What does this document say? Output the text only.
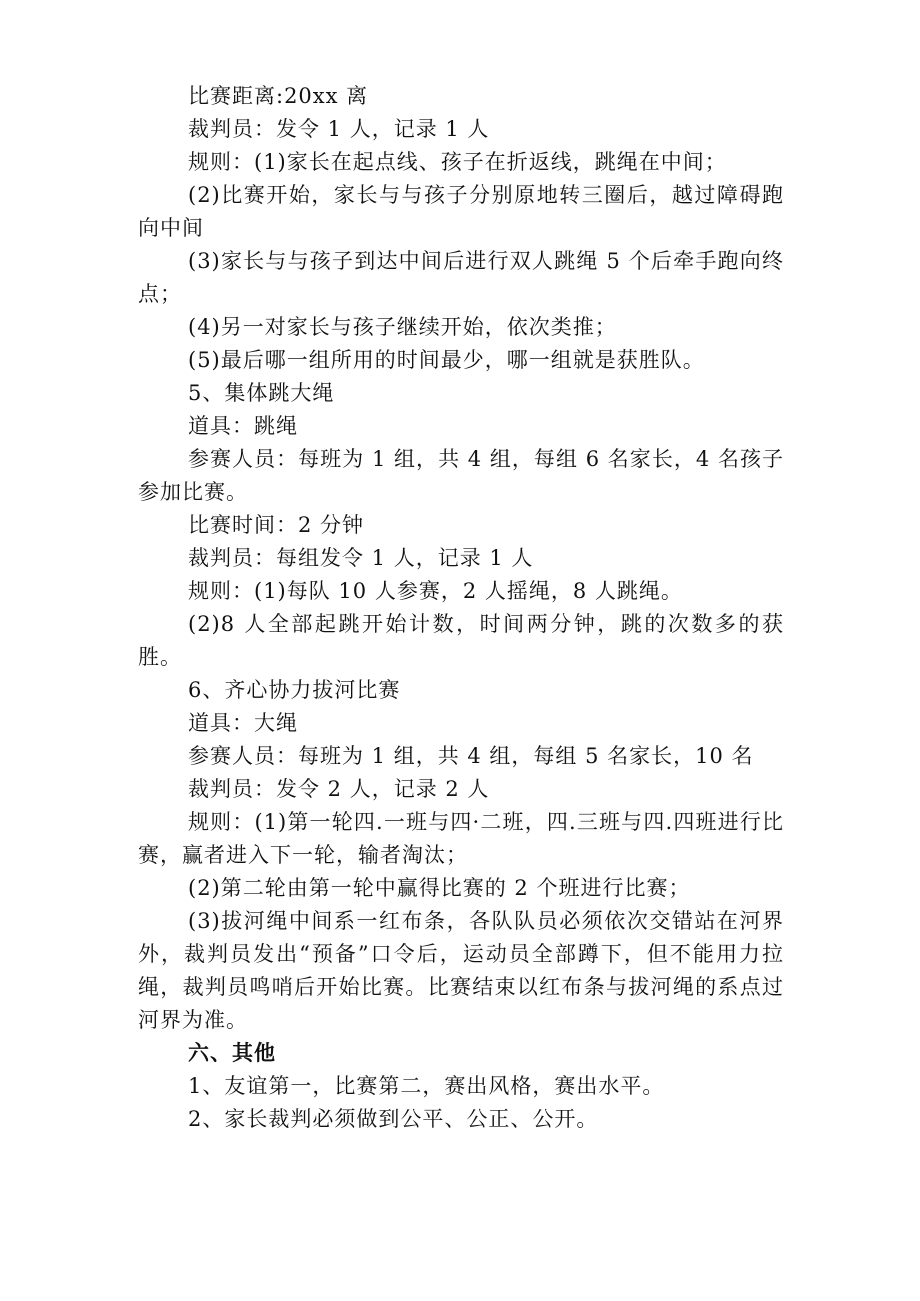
比赛距离:20xx 离

裁判员：发令 1 人，记录 1 人

规则：(1)家长在起点线、孩子在折返线，跳绳在中间；

(2)比赛开始，家长与与孩子分别原地转三圈后，越过障碍跑向中间

(3)家长与与孩子到达中间后进行双人跳绳 5 个后牵手跑向终点；

(4)另一对家长与孩子继续开始，依次类推；

(5)最后哪一组所用的时间最少，哪一组就是获胜队。

5、集体跳大绳

道具：跳绳

参赛人员：每班为 1 组，共 4 组，每组 6 名家长，4 名孩子参加比赛。

比赛时间：2 分钟

裁判员：每组发令 1 人，记录 1 人

规则：(1)每队 10 人参赛，2 人摇绳，8 人跳绳。

(2)8 人全部起跳开始计数，时间两分钟，跳的次数多的获胜。

6、齐心协力拔河比赛

道具：大绳

参赛人员：每班为 1 组，共 4 组，每组 5 名家长，10 名

裁判员：发令 2 人，记录 2 人

规则：(1)第一轮四.一班与四·二班，四.三班与四.四班进行比赛，赢者进入下一轮，输者淘汰；

(2)第二轮由第一轮中赢得比赛的 2 个班进行比赛；

(3)拔河绳中间系一红布条，各队队员必须依次交错站在河界外，裁判员发出“预备”口令后，运动员全部蹲下，但不能用力拉绳，裁判员鸣哨后开始比赛。比赛结束以红布条与拔河绳的系点过河界为准。

六、其他

1、友谊第一，比赛第二，赛出风格，赛出水平。

2、家长裁判必须做到公平、公正、公开。
